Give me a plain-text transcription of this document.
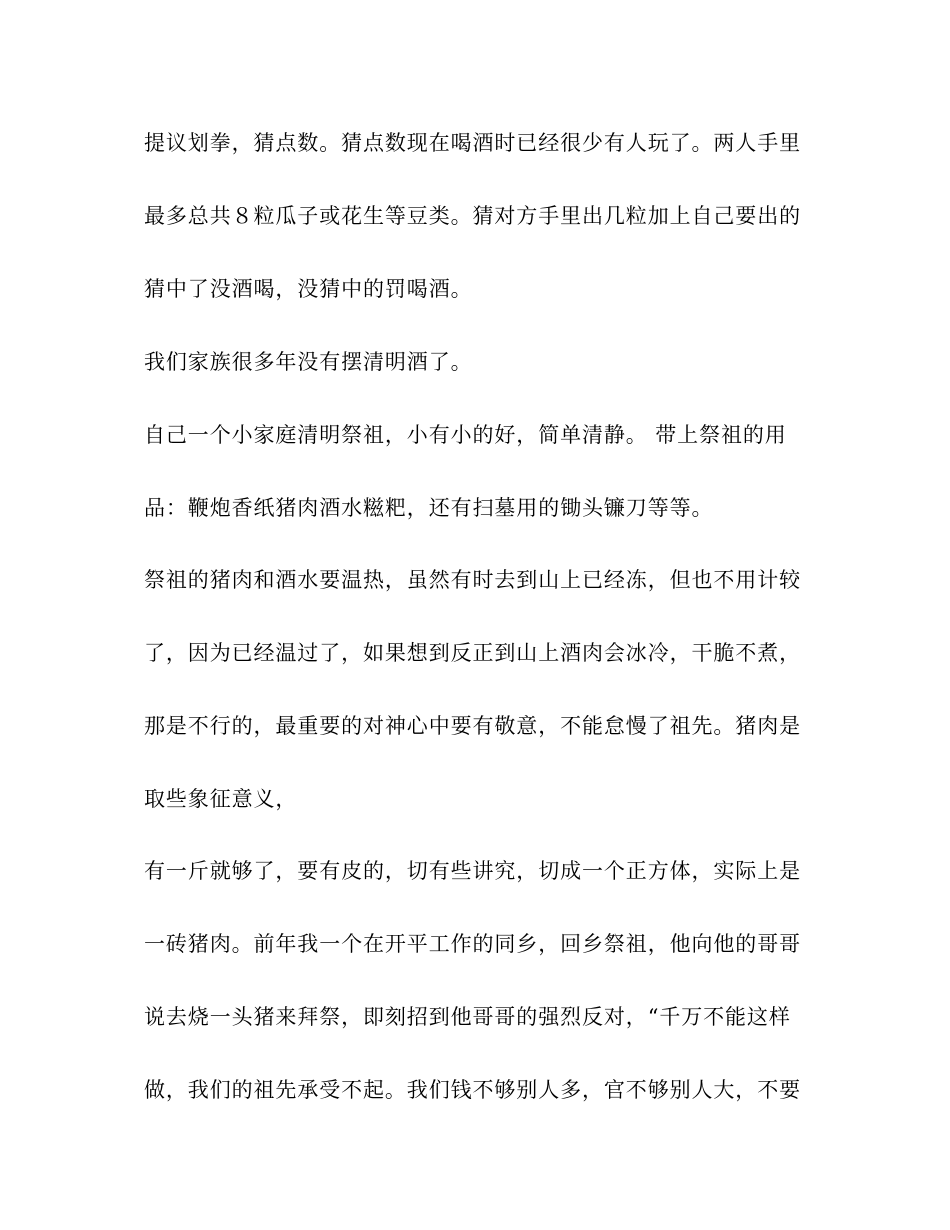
提议划拳，猜点数。猜点数现在喝酒时已经很少有人玩了。两人手里
最多总共８粒瓜子或花生等豆类。猜对方手里出几粒加上自己要出的
猜中了没酒喝，没猜中的罚喝酒。
我们家族很多年没有摆清明酒了。
自己一个小家庭清明祭祖，小有小的好，简单清静。 带上祭祖的用
品：鞭炮香纸猪肉酒水糍粑，还有扫墓用的锄头镰刀等等。
祭祖的猪肉和酒水要温热，虽然有时去到山上已经冻，但也不用计较
了，因为已经温过了，如果想到反正到山上酒肉会冰冷，干脆不煮，
那是不行的，最重要的对神心中要有敬意，不能怠慢了祖先。猪肉是
取些象征意义，
有一斤就够了，要有皮的，切有些讲究，切成一个正方体，实际上是
一砖猪肉。前年我一个在开平工作的同乡，回乡祭祖，他向他的哥哥
说去烧一头猪来拜祭，即刻招到他哥哥的强烈反对，“千万不能这样
做，我们的祖先承受不起。我们钱不够别人多，官不够别人大，不要
